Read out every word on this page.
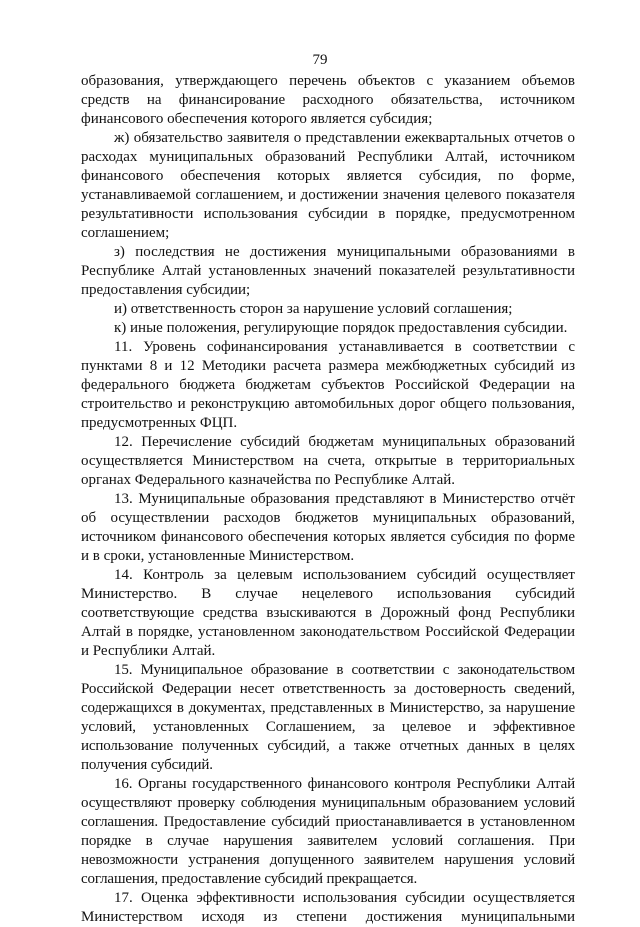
79

образования, утверждающего перечень объектов с указанием объемов средств на финансирование расходного обязательства, источником финансового обеспечения которого является субсидия;

ж) обязательство заявителя о представлении ежеквартальных отчетов о расходах муниципальных образований Республики Алтай, источником финансового обеспечения которых является субсидия, по форме, устанавливаемой соглашением, и достижении значения целевого показателя результативности использования субсидии в порядке, предусмотренном соглашением;

з) последствия не достижения муниципальными образованиями в Республике Алтай установленных значений показателей результативности предоставления субсидии;

и) ответственность сторон за нарушение условий соглашения;

к) иные положения, регулирующие порядок предоставления субсидии.

11. Уровень софинансирования устанавливается в соответствии с пунктами 8 и 12 Методики расчета размера межбюджетных субсидий из федерального бюджета бюджетам субъектов Российской Федерации на строительство и реконструкцию автомобильных дорог общего пользования, предусмотренных ФЦП.

12. Перечисление субсидий бюджетам муниципальных образований осуществляется Министерством на счета, открытые в территориальных органах Федерального казначейства по Республике Алтай.

13. Муниципальные образования представляют в Министерство отчёт об осуществлении расходов бюджетов муниципальных образований, источником финансового обеспечения которых является субсидия по форме и в сроки, установленные Министерством.

14. Контроль за целевым использованием субсидий осуществляет Министерство. В случае нецелевого использования субсидий соответствующие средства взыскиваются в Дорожный фонд Республики Алтай в порядке, установленном законодательством Российской Федерации и Республики Алтай.

15. Муниципальное образование в соответствии с законодательством Российской Федерации несет ответственность за достоверность сведений, содержащихся в документах, представленных в Министерство, за нарушение условий, установленных Соглашением, за целевое и эффективное использование полученных субсидий, а также отчетных данных в целях получения субсидий.

16. Органы государственного финансового контроля Республики Алтай осуществляют проверку соблюдения муниципальным образованием условий соглашения. Предоставление субсидий приостанавливается в установленном порядке в случае нарушения заявителем условий соглашения. При невозможности устранения допущенного заявителем нарушения условий соглашения, предоставление субсидий прекращается.

17. Оценка эффективности использования субсидии осуществляется Министерством исходя из степени достижения муниципальными
